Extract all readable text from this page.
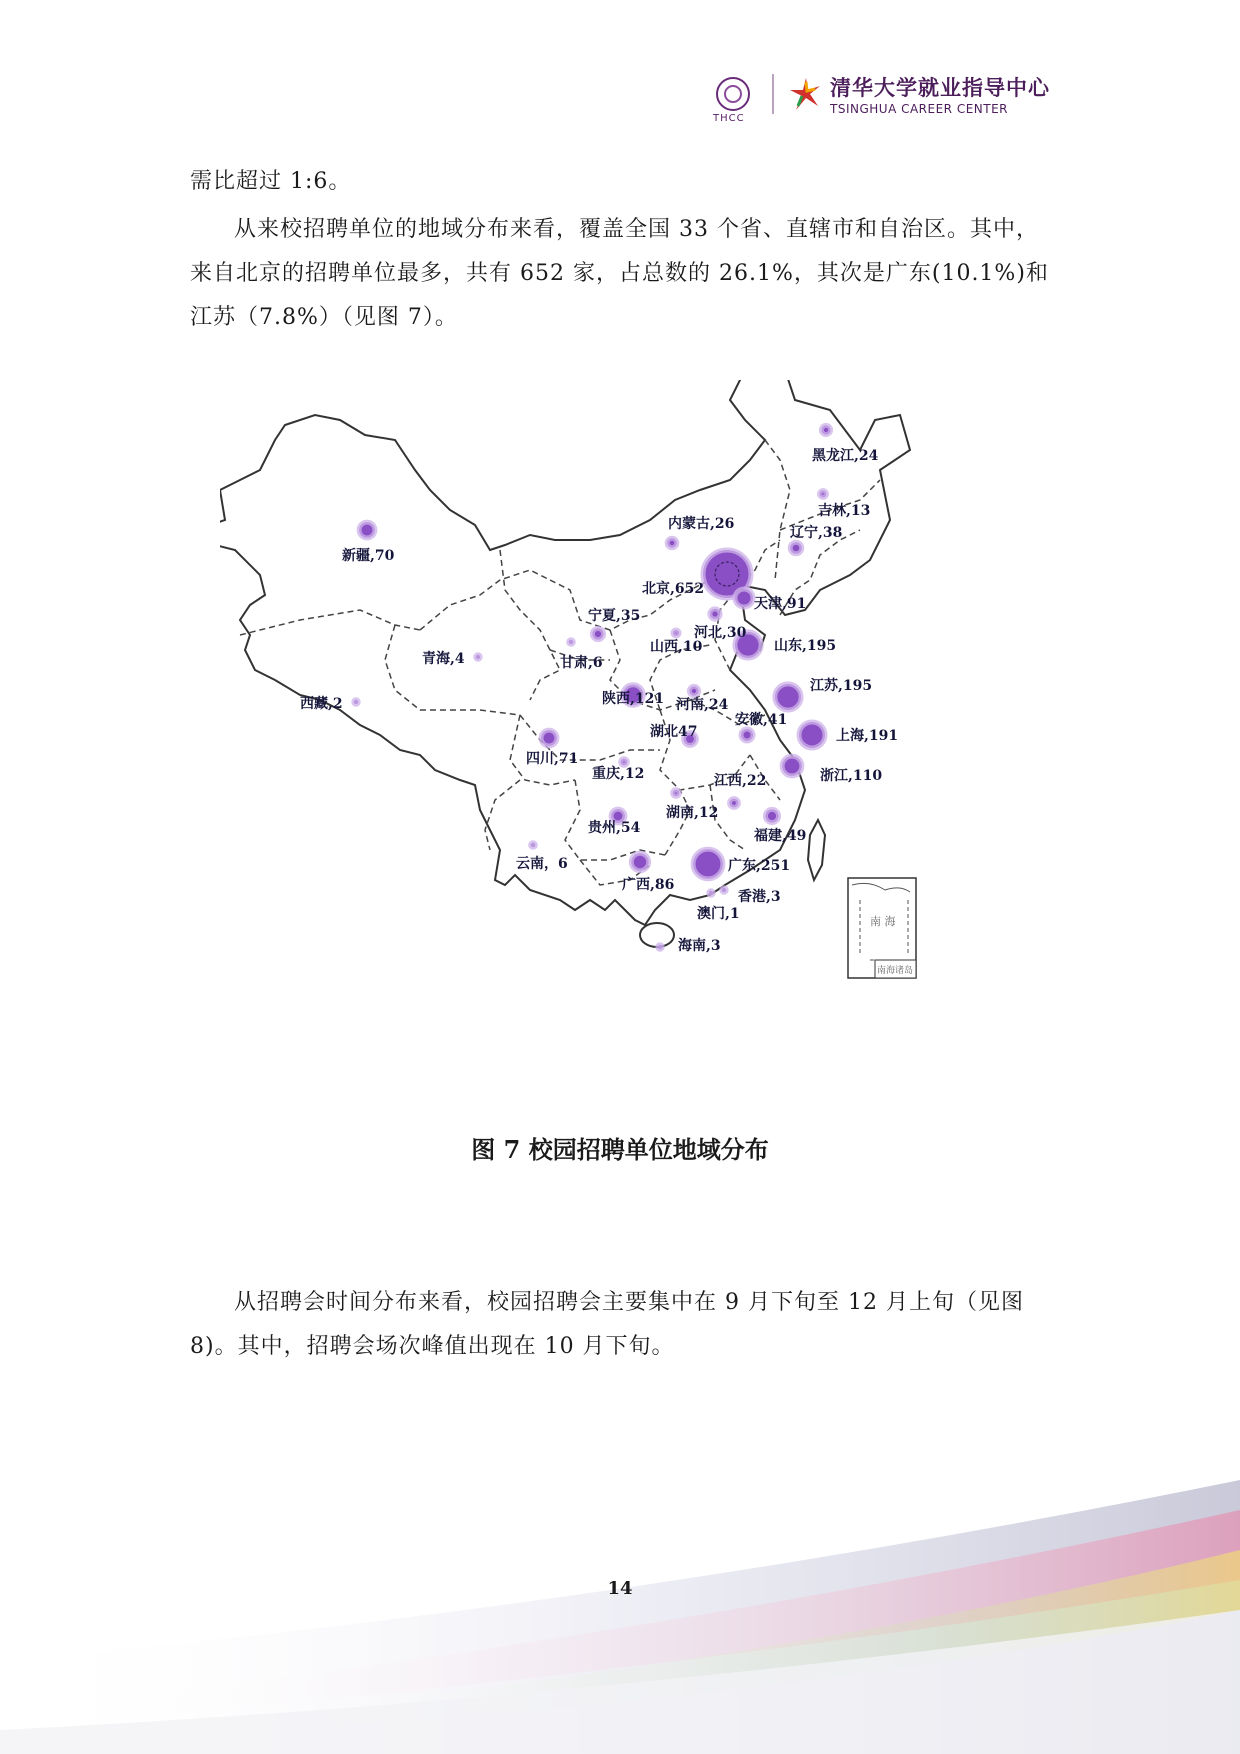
THCC
清华大学就业指导中心
TSINGHUA CAREER CENTER

需比超过 1:6。

从来校招聘单位的地域分布来看，覆盖全国 33 个省、直辖市和自治区。其中，来自北京的招聘单位最多，共有 652 家，占总数的 26.1%，其次是广东(10.1%)和江苏（7.8%）（见图 7）。

南 海
南海诸岛
黑龙江,24
吉林,13
辽宁,38
内蒙古,26
新疆,70
北京,652
天津,91
宁夏,35
河北,30
山西,10	山东,195
青海,4	甘肃,6
陕西,121
江苏,195
西藏,2	河南,24
安徽,41
湖北47	上海,191
四川,71
重庆,12	浙江,110
江西,22
湖南,12
贵州,54	福建,49
云南，6
广西,86
广东,251
香港,3
澳门,1
海南,3
图 7 校园招聘单位地域分布

从招聘会时间分布来看，校园招聘会主要集中在 9 月下旬至 12 月上旬（见图 8)。其中，招聘会场次峰值出现在 10 月下旬。

14
